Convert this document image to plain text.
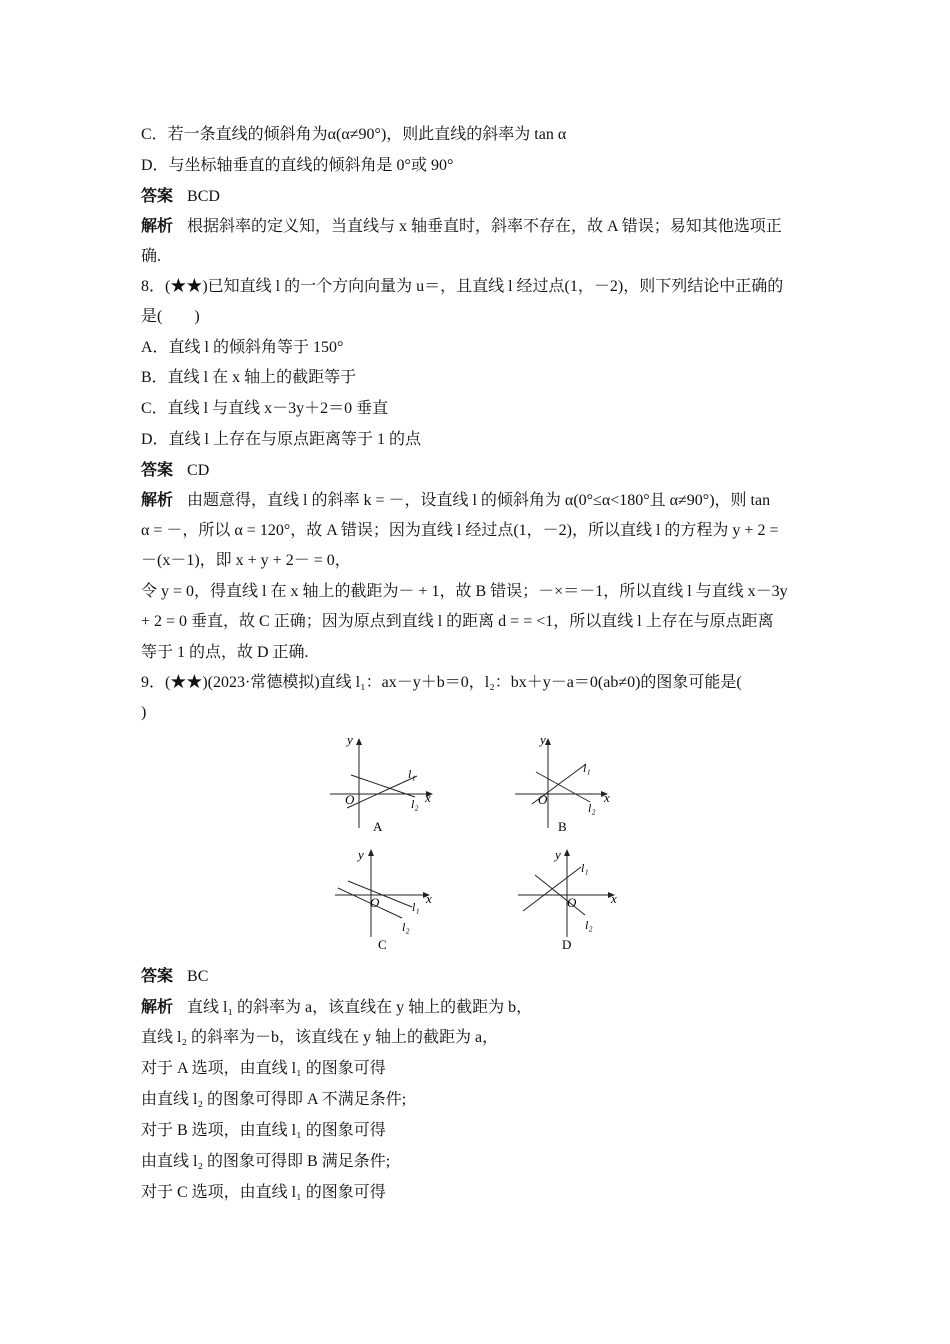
C．若一条直线的倾斜角为α(α≠90°)，则此直线的斜率为 tan α
D．与坐标轴垂直的直线的倾斜角是 0°或 90°
答案 BCD
解析 根据斜率的定义知，当直线与 x 轴垂直时，斜率不存在，故 A 错误；易知其他选项正
确.
8．(★★)已知直线 l 的一个方向向量为 u＝，且直线 l 经过点(1，－2)，则下列结论中正确的
是(　　)
A．直线 l 的倾斜角等于 150°
B．直线 l 在 x 轴上的截距等于
C．直线 l 与直线 x－3y＋2＝0 垂直
D．直线 l 上存在与原点距离等于 1 的点
答案 CD
解析 由题意得，直线 l 的斜率 k = －，设直线 l 的倾斜角为 α(0°≤α<180°且 α≠90°)，则 tan
α = －，所以 α = 120°，故 A 错误；因为直线 l 经过点(1，－2)，所以直线 l 的方程为 y + 2 =
－(x－1)，即 x + y + 2－ = 0，
令 y = 0，得直线 l 在 x 轴上的截距为－ + 1，故 B 错误；－×＝－1，所以直线 l 与直线 x－3y
+ 2 = 0 垂直，故 C 正确；因为原点到直线 l 的距离 d = = <1，所以直线 l 上存在与原点距离
等于 1 的点，故 D 正确.
9．(★★)(2023·常德模拟)直线 l₁：ax－y＋b＝0，l₂：bx＋y－a＝0(ab≠0)的图象可能是(
)
y
x
O
l₁
l₂
A
y
x
O
l₁
l₂
B
y
x
O	l₁
l₂
C
y
x
O
l₁
l₂
D
答案 BC
解析 直线 l₁ 的斜率为 a，该直线在 y 轴上的截距为 b，
直线 l₂ 的斜率为－b，该直线在 y 轴上的截距为 a，
对于 A 选项，由直线 l₁ 的图象可得
由直线 l₂ 的图象可得即 A 不满足条件;
对于 B 选项，由直线 l₁ 的图象可得
由直线 l₂ 的图象可得即 B 满足条件;
对于 C 选项，由直线 l₁ 的图象可得
